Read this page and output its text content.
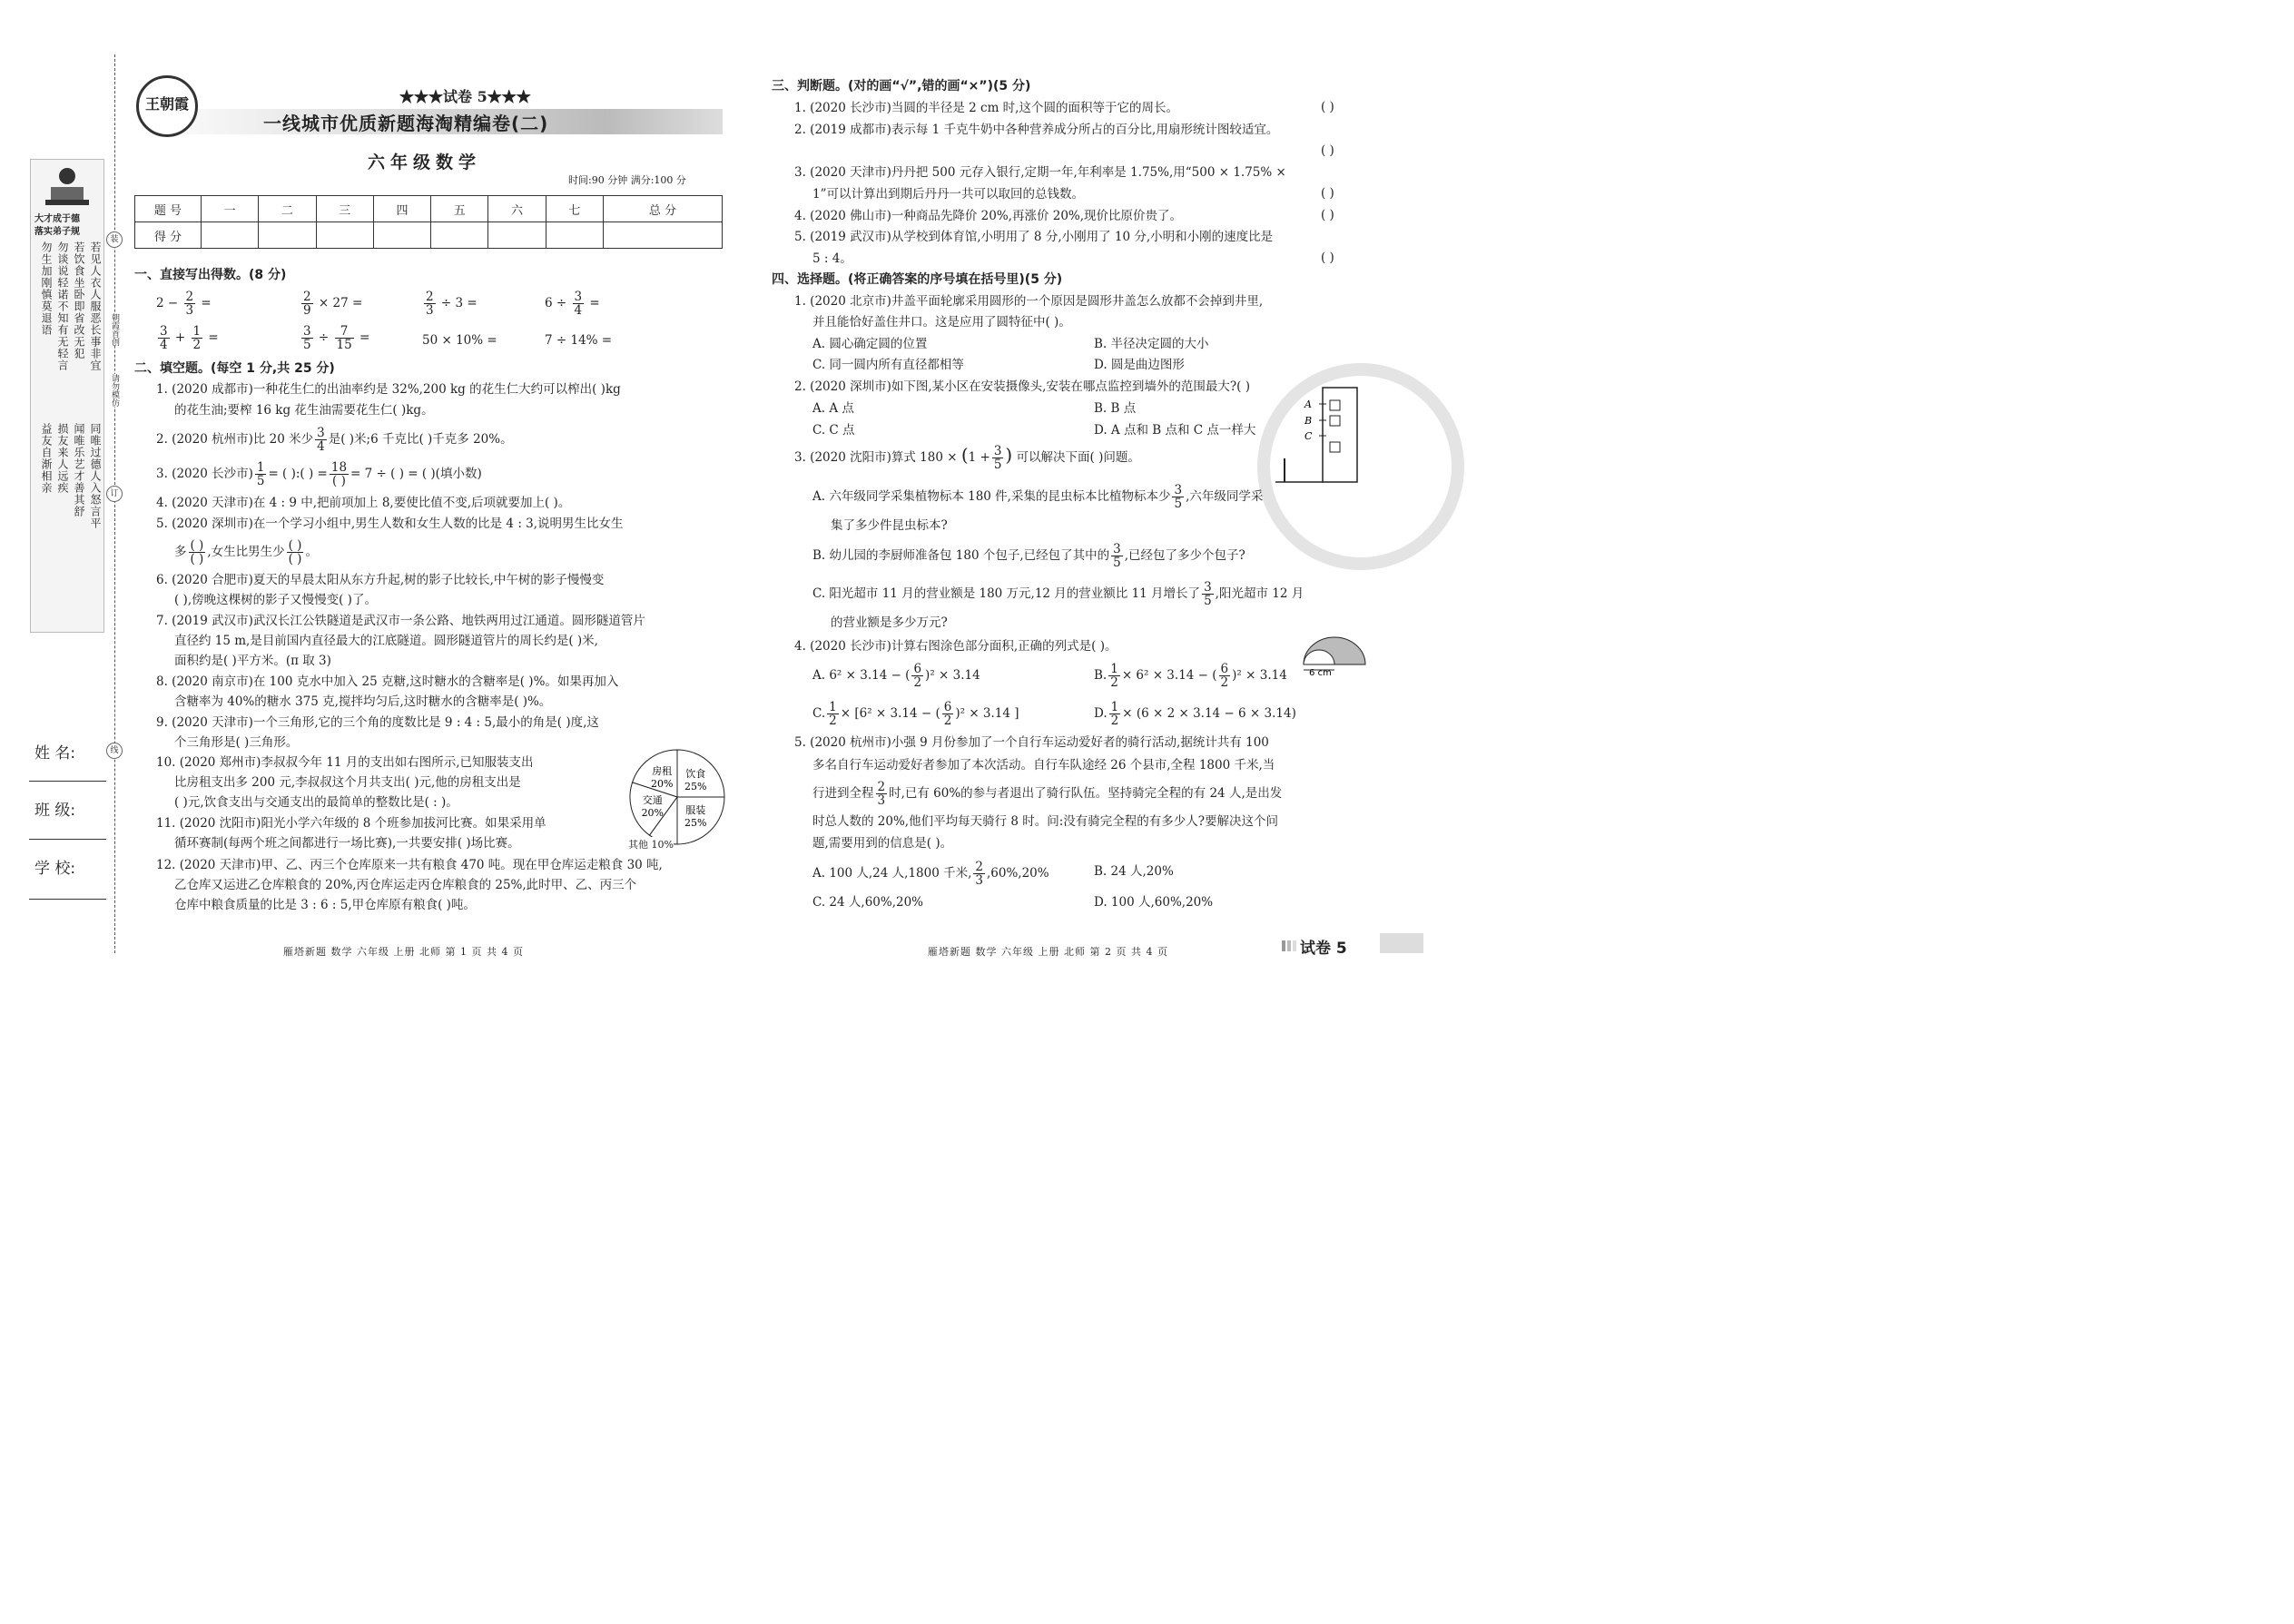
大才成于德
落实弟子规
若见人衣人服恶长事非宜
若饮食坐卧即省改无犯
勿谈说轻诺不知有无轻言
勿生加刚慎莫退语
同唯过德人入怒言平
闻唯乐艺才善其舒
损友来人远疾
益友自渐相亲
朝霞首创
请勿模仿
装
订
线
姓 名:
班 级:
学 校:
王朝霞	★★★试卷 5★★★
一线城市优质新题海淘精编卷(二)
六年级数学
时间:90 分钟 满分:100 分
题 号	一	二	三	四	五	六	七	总 分
得 分								
一、直接写出得数。(8 分)
$2 - \frac{2}{3}$ =	$\frac{2}{9} \times 27$ =	$\frac{2}{3} \div 3$ =	$6 \div \frac{3}{4}$ =
$\frac{3}{4} + \frac{1}{2}$ =	$\frac{3}{5} \div \frac{7}{15}$ =	50 × 10% =	7 ÷ 14% =
二、填空题。(每空 1 分,共 25 分)
1. (2020 成都市)一种花生仁的出油率约是 32%,200 kg 的花生仁大约可以榨出( )kg
的花生油;要榨 16 kg 花生油需要花生仁( )kg。
2. (2020 杭州市)比 20 米少 $\frac{3}{4}$ 是( )米;6 千克比( )千克多 20%。
3. (2020 长沙市) $\frac{1}{5}$ = ( ):( ) = $\frac{18}{( )} = 7$ ÷ ( ) = ( )(填小数)
4. (2020 天津市)在 4 : 9 中,把前项加上 8,要使比值不变,后项就要加上( )。
5. (2020 深圳市)在一个学习小组中,男生人数和女生人数的比是 4 : 3,说明男生比女生
多 $\frac{( )}{( )}$ ,女生比男生少 $\frac{( )}{( )}$ 。
6. (2020 合肥市)夏天的早晨太阳从东方升起,树的影子比较长,中午树的影子慢慢变
( ),傍晚这棵树的影子又慢慢变( )了。
7. (2019 武汉市)武汉长江公铁隧道是武汉市一条公路、地铁两用过江通道。圆形隧道管片
直径约 15 m,是目前国内直径最大的江底隧道。圆形隧道管片的周长约是( )米,
面积约是( )平方米。(π 取 3)
8. (2020 南京市)在 100 克水中加入 25 克糖,这时糖水的含糖率是( )%。如果再加入
含糖率为 40%的糖水 375 克,搅拌均匀后,这时糖水的含糖率是( )%。
9. (2020 天津市)一个三角形,它的三个角的度数比是 9 : 4 : 5,最小的角是( )度,这
个三角形是( )三角形。
10. (2020 郑州市)李叔叔今年 11 月的支出如右图所示,已知服装支出
比房租支出多 200 元,李叔叔这个月共支出( )元,他的房租支出是
( )元,饮食支出与交通支出的最简单的整数比是( : )。
11. (2020 沈阳市)阳光小学六年级的 8 个班参加拔河比赛。如果采用单
循环赛制(每两个班之间都进行一场比赛),一共要安排( )场比赛。
12. (2020 天津市)甲、乙、丙三个仓库原来一共有粮食 470 吨。现在甲仓库运走粮食 30 吨,
乙仓库又运进乙仓库粮食的 20%,丙仓库运走丙仓库粮食的 25%,此时甲、乙、丙三个
仓库中粮食质量的比是 3 : 6 : 5,甲仓库原有粮食( )吨。
房租
20%
饮食
25%
服装
25%
交通
20%
其他 10%
三、判断题。(对的画“√”,错的画“×”)(5 分)
1. (2020 长沙市)当圆的半径是 2 cm 时,这个圆的面积等于它的周长。	( )
2. (2019 成都市)表示每 1 千克牛奶中各种营养成分所占的百分比,用扇形统计图较适宜。
( )
3. (2020 天津市)丹丹把 500 元存入银行,定期一年,年利率是 1.75%,用“500 × 1.75% ×
1”可以计算出到期后丹丹一共可以取回的总钱数。	( )
4. (2020 佛山市)一种商品先降价 20%,再涨价 20%,现价比原价贵了。	( )
5. (2019 武汉市)从学校到体育馆,小明用了 8 分,小刚用了 10 分,小明和小刚的速度比是
5 : 4。	( )
四、选择题。(将正确答案的序号填在括号里)(5 分)
1. (2020 北京市)井盖平面轮廓采用圆形的一个原因是圆形井盖怎么放都不会掉到井里,
并且能恰好盖住井口。这是应用了圆特征中( )。
A. 圆心确定圆的位置	B. 半径决定圆的大小
C. 同一圆内所有直径都相等	D. 圆是曲边图形
2. (2020 深圳市)如下图,某小区在安装摄像头,安装在哪点监控到墙外的范围最大?( )
A. A 点	B. B 点
C. C 点	D. A 点和 B 点和 C 点一样大
A
B
C
3. (2020 沈阳市)算式 $180 \times (1 + \frac{3}{5}$ ) 可以解决下面( )问题。
A. 六年级同学采集植物标本 180 件,采集的昆虫标本比植物标本少 $\frac{3}{5}$ ,六年级同学采
集了多少件昆虫标本?
B. 幼儿园的李厨师准备包 180 个包子,已经包了其中的 $\frac{3}{5}$ ,已经包了多少个包子?
C. 阳光超市 11 月的营业额是 180 万元,12 月的营业额比 11 月增长了 $\frac{3}{5}$ ,阳光超市 12 月
的营业额是多少万元?
6 cm
4. (2020 长沙市)计算右图涂色部分面积,正确的列式是( )。
A. 6² × 3.14 − ( $\frac{6}{2} )^2 \times 3.14$	B. $\frac{1}{2} \times 6^2 \times 3.14$ − ( $\frac{6}{2} )^2 \times 3.14$
C. $\frac{1}{2} \times [6^2 \times 3.14$ − ( $\frac{6}{2} )^2 \times 3.14$ ]	D. $\frac{1}{2} \times (6 \times 2 \times 3.14 - 6 \times 3.14)$
5. (2020 杭州市)小强 9 月份参加了一个自行车运动爱好者的骑行活动,据统计共有 100
多名自行车运动爱好者参加了本次活动。自行车队途经 26 个县市,全程 1800 千米,当
行进到全程 $\frac{2}{3}$ 时,已有 60%的参与者退出了骑行队伍。坚持骑完全程的有 24 人,是出发
时总人数的 20%,他们平均每天骑行 8 时。问:没有骑完全程的有多少人?要解决这个问
题,需要用到的信息是( )。
A. 100 人,24 人,1800 千米, $\frac{2}{3} ,60\%,20\%$	B. 24 人,20%
C. 24 人,60%,20%	D. 100 人,60%,20%
雁塔新题 数学 六年级 上册 北师 第 1 页 共 4 页	雁塔新题 数学 六年级 上册 北师 第 2 页 共 4 页	试卷 5
